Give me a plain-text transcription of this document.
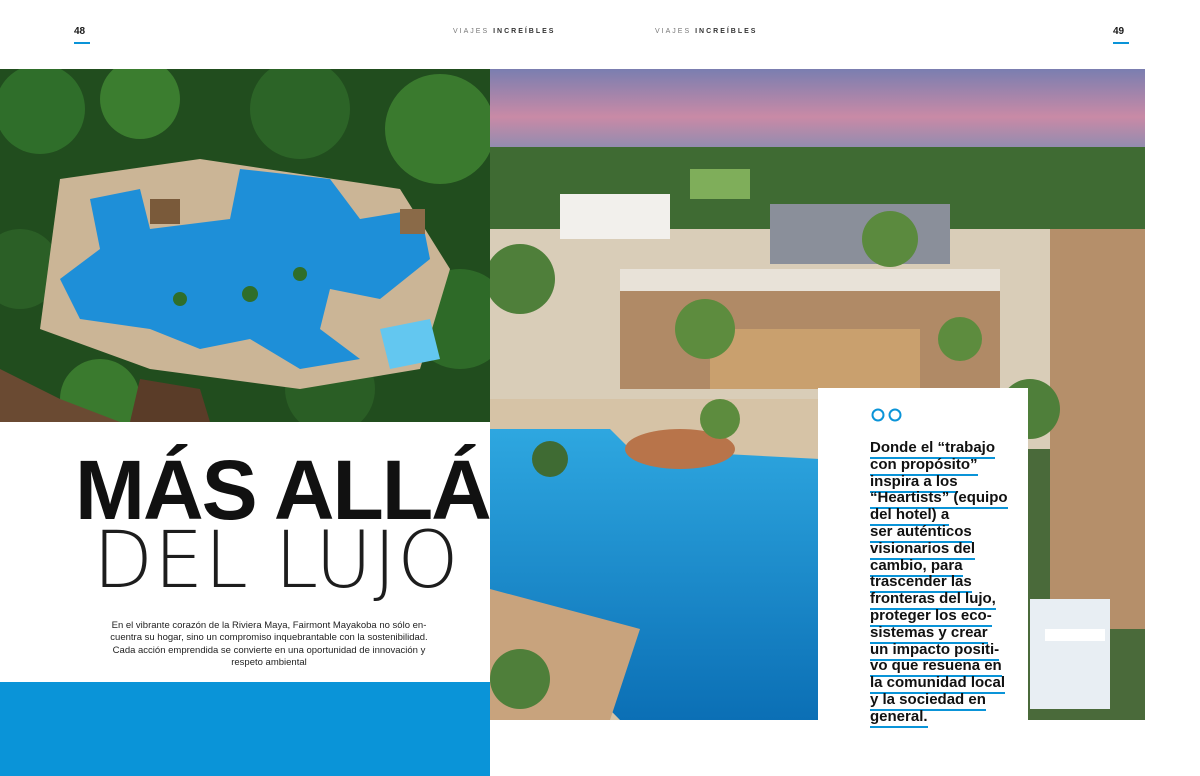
48	VIAJES INCREÍBLES	VIAJES INCREÍBLES	49
MÁS ALLÁ
DEL LUJO
En el vibrante corazón de la Riviera Maya, Fairmont Mayakoba no sólo en-
cuentra su hogar, sino un compromiso inquebrantable con la sostenibilidad.
Cada acción emprendida se convierte en una oportunidad de innovación y
respeto ambiental
Donde el “trabajo
con propósito”
inspira a los
“Heartists” (equipo
del hotel) a
ser auténticos
visionarios del
cambio, para
trascender las
fronteras del lujo,
proteger los eco-
sistemas y crear
un impacto positi-
vo que resuena en
la comunidad local
y la sociedad en
general.
